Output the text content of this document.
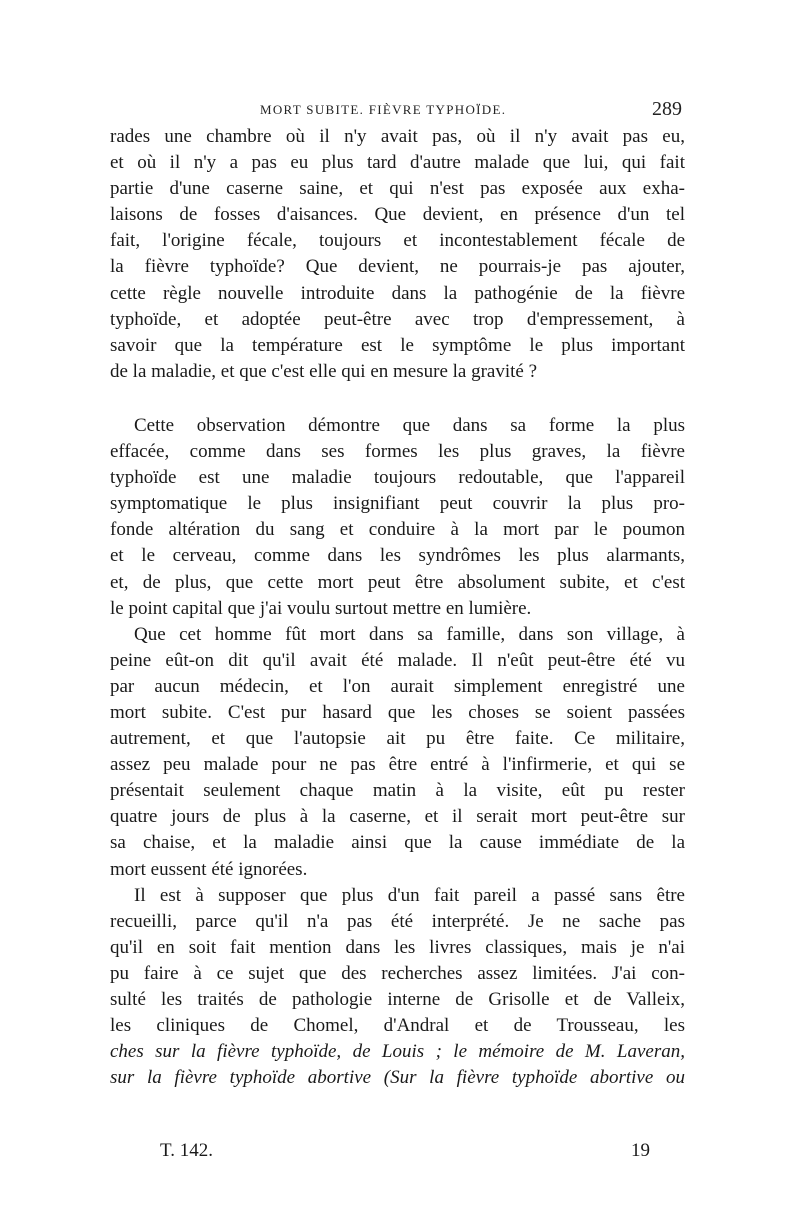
MORT SUBITE. FIÈVRE TYPHOÏDE.	289
rades une chambre où il n'y avait pas, où il n'y avait pas eu,
et où il n'y a pas eu plus tard d'autre malade que lui, qui fait
partie d'une caserne saine, et qui n'est pas exposée aux exha-
laisons de fosses d'aisances. Que devient, en présence d'un tel
fait, l'origine fécale, toujours et incontestablement fécale de
la fièvre typhoïde? Que devient, ne pourrais-je pas ajouter,
cette règle nouvelle introduite dans la pathogénie de la fièvre
typhoïde, et adoptée peut-être avec trop d'empressement, à
savoir que la température est le symptôme le plus important
de la maladie, et que c'est elle qui en mesure la gravité ?
Cette observation démontre que dans sa forme la plus
effacée, comme dans ses formes les plus graves, la fièvre
typhoïde est une maladie toujours redoutable, que l'appareil
symptomatique le plus insignifiant peut couvrir la plus pro-
fonde altération du sang et conduire à la mort par le poumon
et le cerveau, comme dans les syndrômes les plus alarmants,
et, de plus, que cette mort peut être absolument subite, et c'est
le point capital que j'ai voulu surtout mettre en lumière.
Que cet homme fût mort dans sa famille, dans son village, à
peine eût-on dit qu'il avait été malade. Il n'eût peut-être été vu
par aucun médecin, et l'on aurait simplement enregistré une
mort subite. C'est pur hasard que les choses se soient passées
autrement, et que l'autopsie ait pu être faite. Ce militaire,
assez peu malade pour ne pas être entré à l'infirmerie, et qui se
présentait seulement chaque matin à la visite, eût pu rester
quatre jours de plus à la caserne, et il serait mort peut-être sur
sa chaise, et la maladie ainsi que la cause immédiate de la
mort eussent été ignorées.
Il est à supposer que plus d'un fait pareil a passé sans être
recueilli, parce qu'il n'a pas été interprété. Je ne sache pas
qu'il en soit fait mention dans les livres classiques, mais je n'ai
pu faire à ce sujet que des recherches assez limitées. J'ai con-
sulté les traités de pathologie interne de Grisolle et de Valleix,
les cliniques de Chomel, d'Andral et de Trousseau, les
ches sur la fièvre typhoïde, de Louis ; le mémoire de M. Laveran,
sur la fièvre typhoïde abortive (Sur la fièvre typhoïde abortive ou
T. 142.	19
